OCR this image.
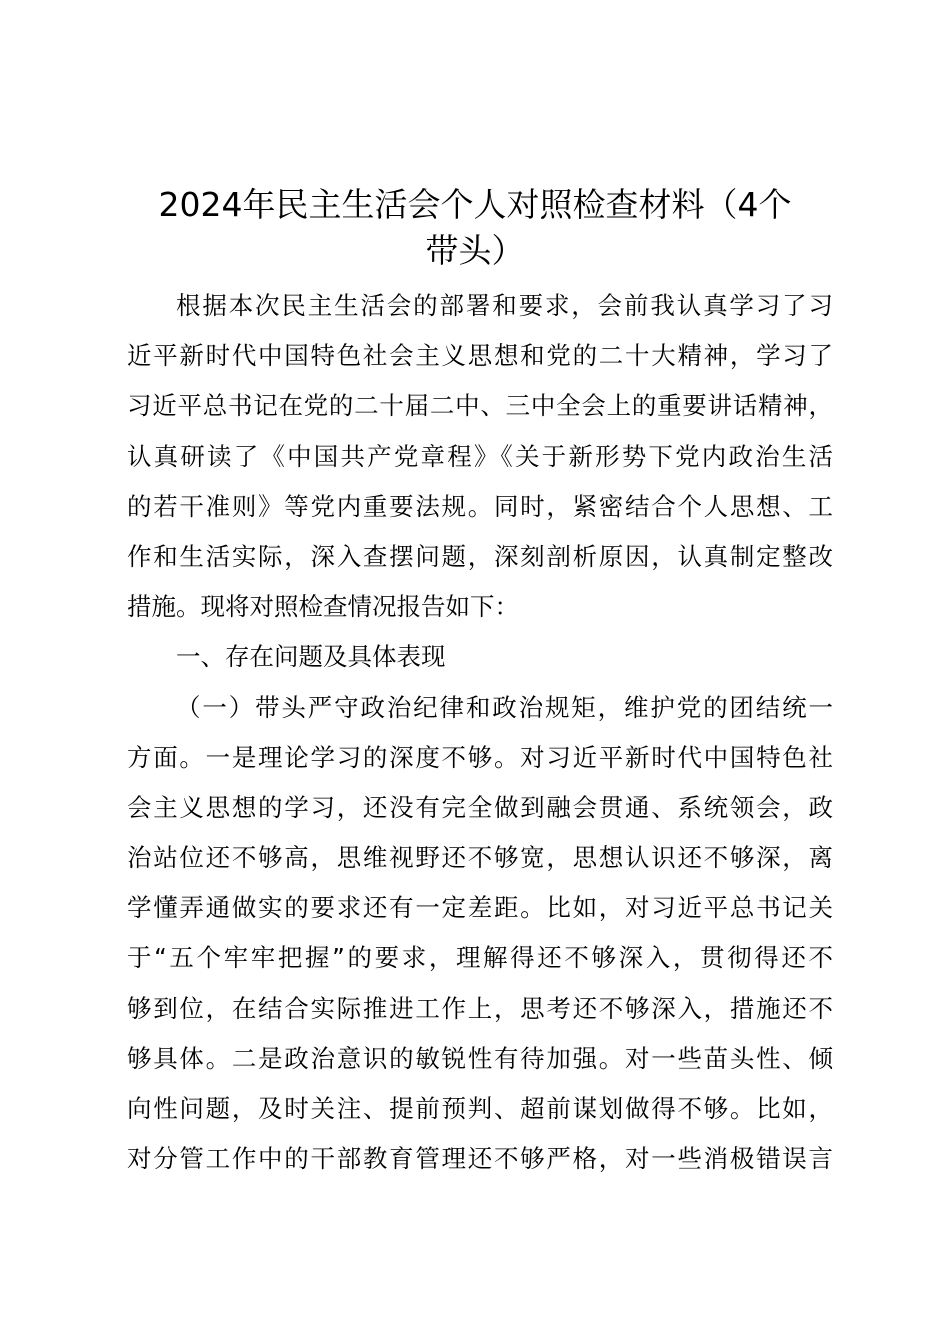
2024年民主生活会个人对照检查材料（4个
带头）
根据本次民主生活会的部署和要求，会前我认真学习了习
近平新时代中国特色社会主义思想和党的二十大精神，学习了
习近平总书记在党的二十届二中、三中全会上的重要讲话精神，
认真研读了《中国共产党章程》《关于新形势下党内政治生活
的若干准则》等党内重要法规。同时，紧密结合个人思想、工
作和生活实际，深入查摆问题，深刻剖析原因，认真制定整改
措施。现将对照检查情况报告如下：
一、存在问题及具体表现
（一）带头严守政治纪律和政治规矩，维护党的团结统一
方面。一是理论学习的深度不够。对习近平新时代中国特色社
会主义思想的学习，还没有完全做到融会贯通、系统领会，政
治站位还不够高，思维视野还不够宽，思想认识还不够深，离
学懂弄通做实的要求还有一定差距。比如，对习近平总书记关
于“五个牢牢把握”的要求，理解得还不够深入，贯彻得还不
够到位，在结合实际推进工作上，思考还不够深入，措施还不
够具体。二是政治意识的敏锐性有待加强。对一些苗头性、倾
向性问题，及时关注、提前预判、超前谋划做得不够。比如，
对分管工作中的干部教育管理还不够严格，对一些消极错误言
